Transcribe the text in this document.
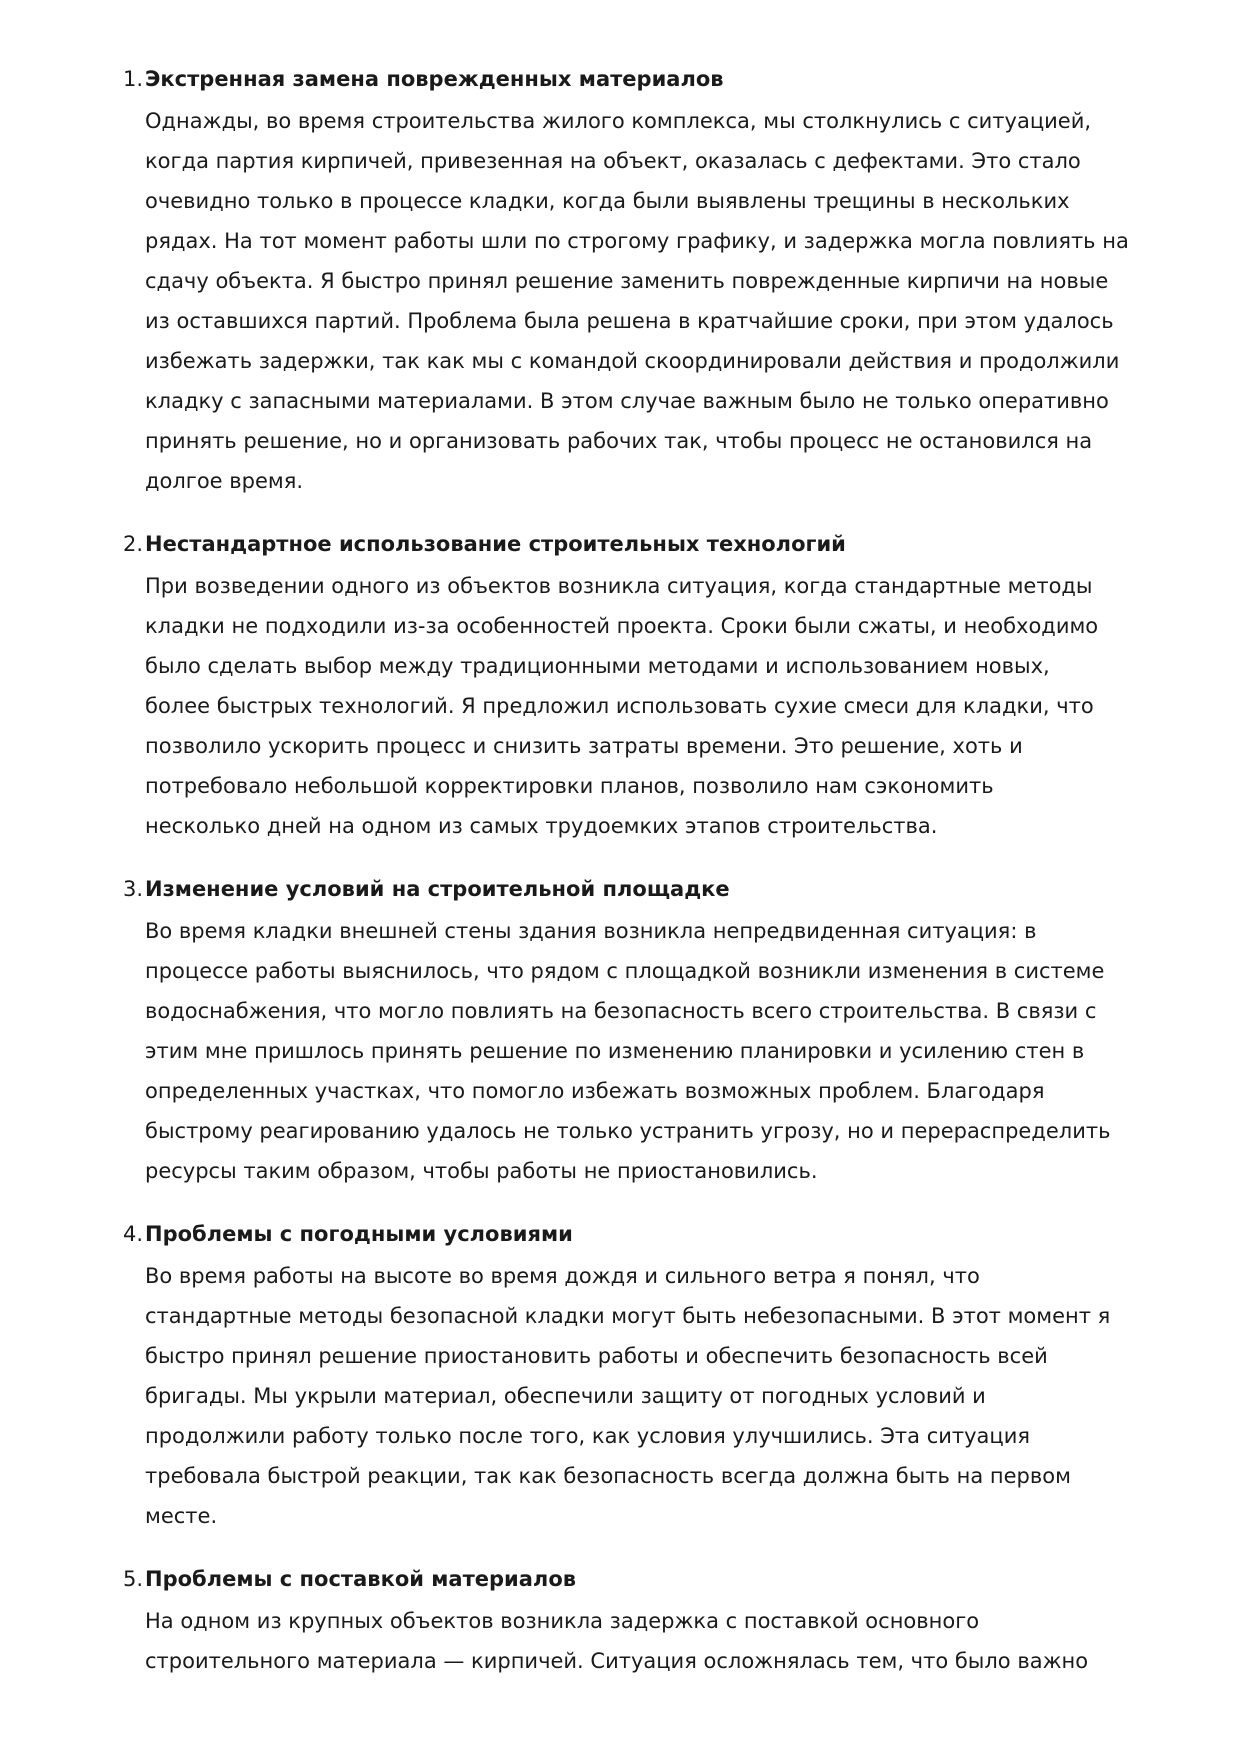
1. Экстренная замена поврежденных материалов
Однажды, во время строительства жилого комплекса, мы столкнулись с ситуацией,
когда партия кирпичей, привезенная на объект, оказалась с дефектами. Это стало
очевидно только в процессе кладки, когда были выявлены трещины в нескольких
рядах. На тот момент работы шли по строгому графику, и задержка могла повлиять на
сдачу объекта. Я быстро принял решение заменить поврежденные кирпичи на новые
из оставшихся партий. Проблема была решена в кратчайшие сроки, при этом удалось
избежать задержки, так как мы с командой скоординировали действия и продолжили
кладку с запасными материалами. В этом случае важным было не только оперативно
принять решение, но и организовать рабочих так, чтобы процесс не остановился на
долгое время.
2. Нестандартное использование строительных технологий
При возведении одного из объектов возникла ситуация, когда стандартные методы
кладки не подходили из-за особенностей проекта. Сроки были сжаты, и необходимо
было сделать выбор между традиционными методами и использованием новых,
более быстрых технологий. Я предложил использовать сухие смеси для кладки, что
позволило ускорить процесс и снизить затраты времени. Это решение, хоть и
потребовало небольшой корректировки планов, позволило нам сэкономить
несколько дней на одном из самых трудоемких этапов строительства.
3. Изменение условий на строительной площадке
Во время кладки внешней стены здания возникла непредвиденная ситуация: в
процессе работы выяснилось, что рядом с площадкой возникли изменения в системе
водоснабжения, что могло повлиять на безопасность всего строительства. В связи с
этим мне пришлось принять решение по изменению планировки и усилению стен в
определенных участках, что помогло избежать возможных проблем. Благодаря
быстрому реагированию удалось не только устранить угрозу, но и перераспределить
ресурсы таким образом, чтобы работы не приостановились.
4. Проблемы с погодными условиями
Во время работы на высоте во время дождя и сильного ветра я понял, что
стандартные методы безопасной кладки могут быть небезопасными. В этот момент я
быстро принял решение приостановить работы и обеспечить безопасность всей
бригады. Мы укрыли материал, обеспечили защиту от погодных условий и
продолжили работу только после того, как условия улучшились. Эта ситуация
требовала быстрой реакции, так как безопасность всегда должна быть на первом
месте.
5. Проблемы с поставкой материалов
На одном из крупных объектов возникла задержка с поставкой основного
строительного материала — кирпичей. Ситуация осложнялась тем, что было важно
